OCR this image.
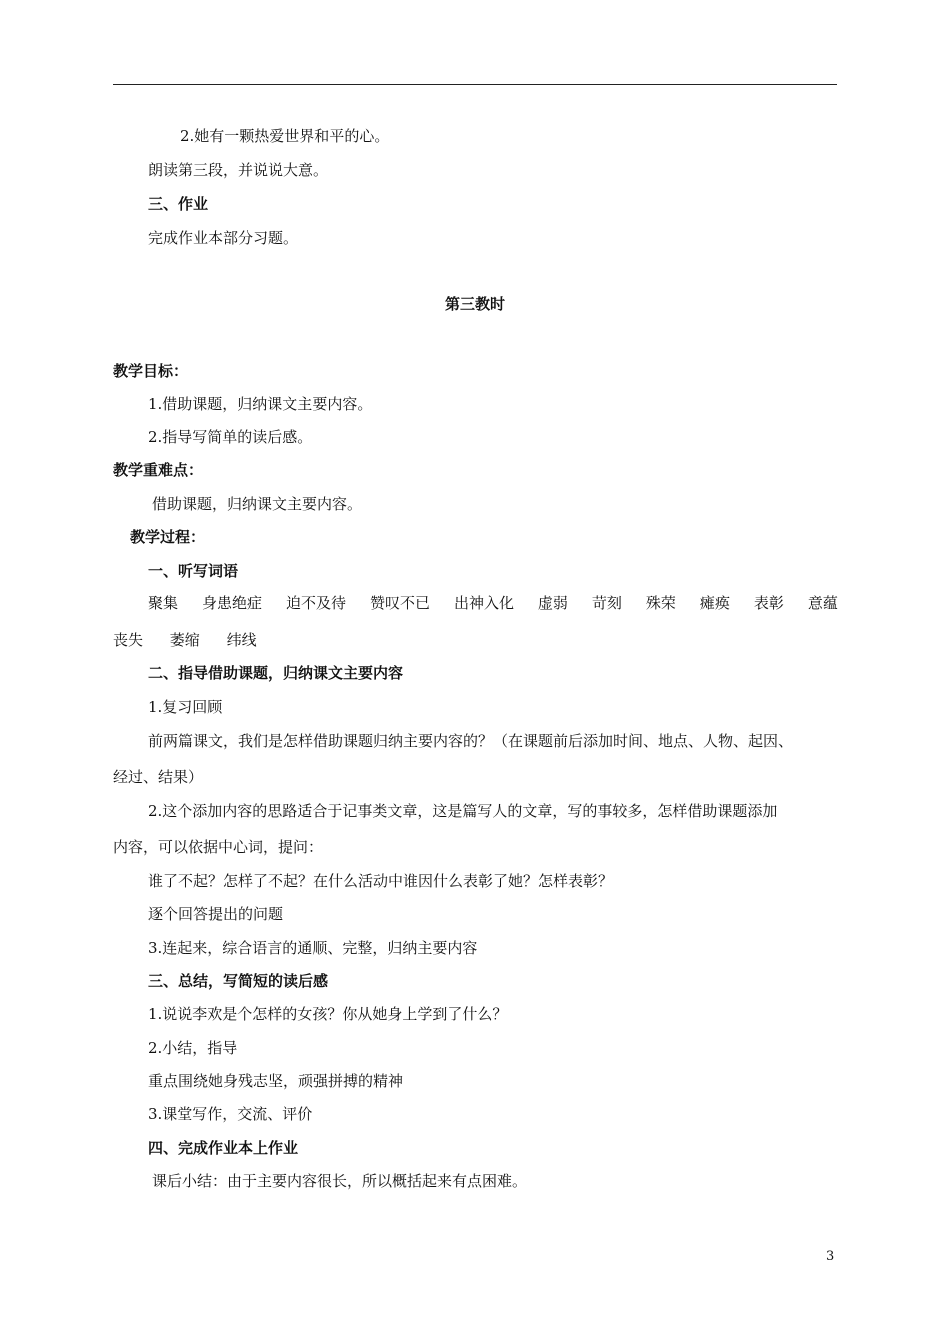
2.她有一颗热爱世界和平的心。
朗读第三段，并说说大意。
三、作业
完成作业本部分习题。
第三教时
教学目标：
1.借助课题，归纳课文主要内容。
2.指导写简单的读后感。
教学重难点：
借助课题，归纳课文主要内容。
教学过程：
一、听写词语
聚集 身患绝症 迫不及待 赞叹不已 出神入化 虚弱 苛刻 殊荣 瘫痪 表彰 意蕴
丧失 萎缩 纬线
二、指导借助课题，归纳课文主要内容
1.复习回顾
前两篇课文，我们是怎样借助课题归纳主要内容的？（在课题前后添加时间、地点、人物、起因、
经过、结果）
2.这个添加内容的思路适合于记事类文章，这是篇写人的文章，写的事较多，怎样借助课题添加
内容，可以依据中心词，提问：
谁了不起？怎样了不起？在什么活动中谁因什么表彰了她？怎样表彰？
逐个回答提出的问题
3.连起来，综合语言的通顺、完整，归纳主要内容
三、总结，写简短的读后感
1.说说李欢是个怎样的女孩？你从她身上学到了什么？
2.小结，指导
重点围绕她身残志坚，顽强拼搏的精神
3.课堂写作，交流、评价
四、完成作业本上作业
课后小结：由于主要内容很长，所以概括起来有点困难。
3
